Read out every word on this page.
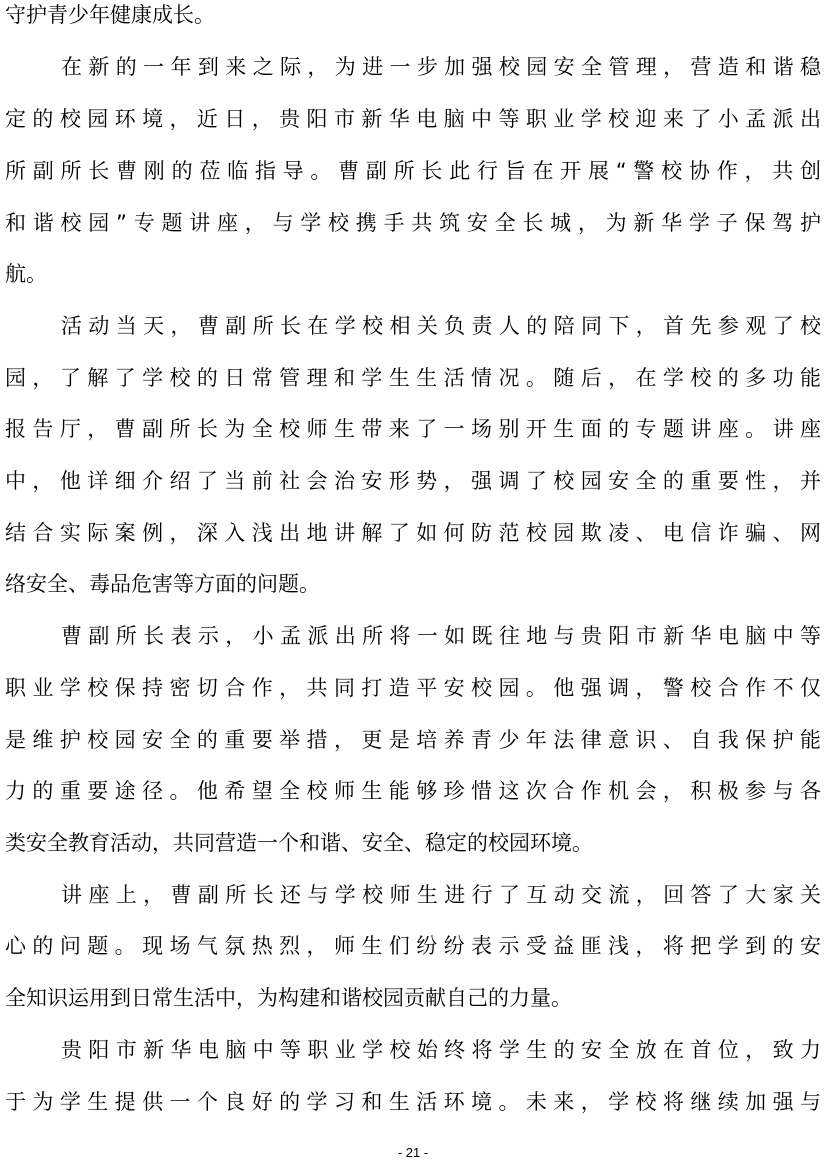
守护青少年健康成长。
在新的一年到来之际，为进一步加强校园安全管理，营造和谐稳
定的校园环境，近日，贵阳市新华电脑中等职业学校迎来了小孟派出
所副所长曹刚的莅临指导。曹副所长此行旨在开展“警校协作，共创
和谐校园”专题讲座，与学校携手共筑安全长城，为新华学子保驾护
航。
活动当天，曹副所长在学校相关负责人的陪同下，首先参观了校
园，了解了学校的日常管理和学生生活情况。随后，在学校的多功能
报告厅，曹副所长为全校师生带来了一场别开生面的专题讲座。讲座
中，他详细介绍了当前社会治安形势，强调了校园安全的重要性，并
结合实际案例，深入浅出地讲解了如何防范校园欺凌、电信诈骗、网
络安全、毒品危害等方面的问题。
曹副所长表示，小孟派出所将一如既往地与贵阳市新华电脑中等
职业学校保持密切合作，共同打造平安校园。他强调，警校合作不仅
是维护校园安全的重要举措，更是培养青少年法律意识、自我保护能
力的重要途径。他希望全校师生能够珍惜这次合作机会，积极参与各
类安全教育活动，共同营造一个和谐、安全、稳定的校园环境。
讲座上，曹副所长还与学校师生进行了互动交流，回答了大家关
心的问题。现场气氛热烈，师生们纷纷表示受益匪浅，将把学到的安
全知识运用到日常生活中，为构建和谐校园贡献自己的力量。
贵阳市新华电脑中等职业学校始终将学生的安全放在首位，致力
于为学生提供一个良好的学习和生活环境。未来，学校将继续加强与
- 21 -
